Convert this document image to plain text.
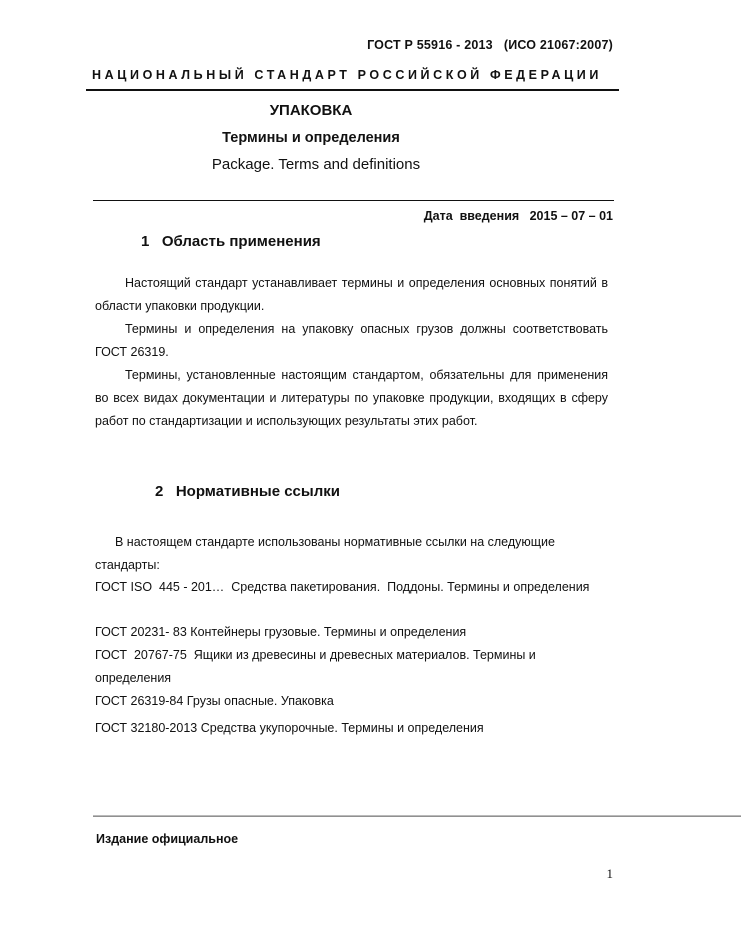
ГОСТ Р 55916 - 2013   (ИСО 21067:2007)
НАЦИОНАЛЬНЫЙ СТАНДАРТ РОССИЙСКОЙ ФЕДЕРАЦИИ
УПАКОВКА
Термины и определения
Package. Terms and definitions
Дата  введения   2015 – 07 – 01
1   Область применения
Настоящий стандарт устанавливает термины и определения основных понятий в области упаковки продукции.
Термины и определения на упаковку опасных грузов должны соответствовать ГОСТ 26319.
Термины, установленные настоящим стандартом, обязательны для применения во всех видах документации и литературы по упаковке продукции, входящих в сферу работ по стандартизации и использующих результаты этих работ.
2   Нормативные ссылки
В настоящем стандарте использованы нормативные ссылки на следующие стандарты:
ГОСТ ISO  445 - 201…  Средства пакетирования.  Поддоны. Термины и определения
ГОСТ 20231- 83 Контейнеры грузовые. Термины и определения
ГОСТ  20767-75  Ящики из древесины и древесных материалов. Термины и определения
ГОСТ 26319-84 Грузы опасные. Упаковка
ГОСТ 32180-2013 Средства укупорочные. Термины и определения
——————————————————————————————————————————————————————
Издание официальное
1
